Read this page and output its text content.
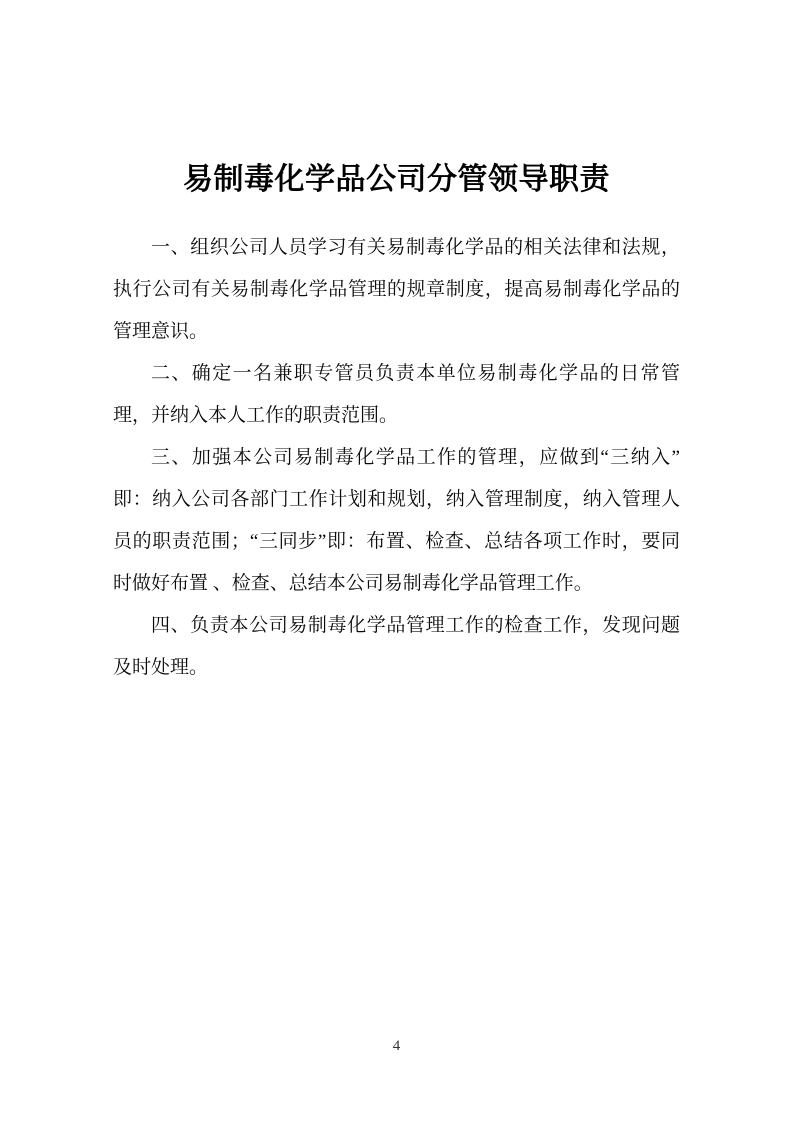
易制毒化学品公司分管领导职责

一、组织公司人员学习有关易制毒化学品的相关法律和法规，执行公司有关易制毒化学品管理的规章制度，提高易制毒化学品的管理意识。

二、确定一名兼职专管员负责本单位易制毒化学品的日常管理，并纳入本人工作的职责范围。

三、加强本公司易制毒化学品工作的管理，应做到“三纳入”即：纳入公司各部门工作计划和规划，纳入管理制度，纳入管理人员的职责范围；“三同步”即：布置、检查、总结各项工作时，要同时做好布置 、检查、总结本公司易制毒化学品管理工作。

四、负责本公司易制毒化学品管理工作的检查工作，发现问题及时处理。

4
